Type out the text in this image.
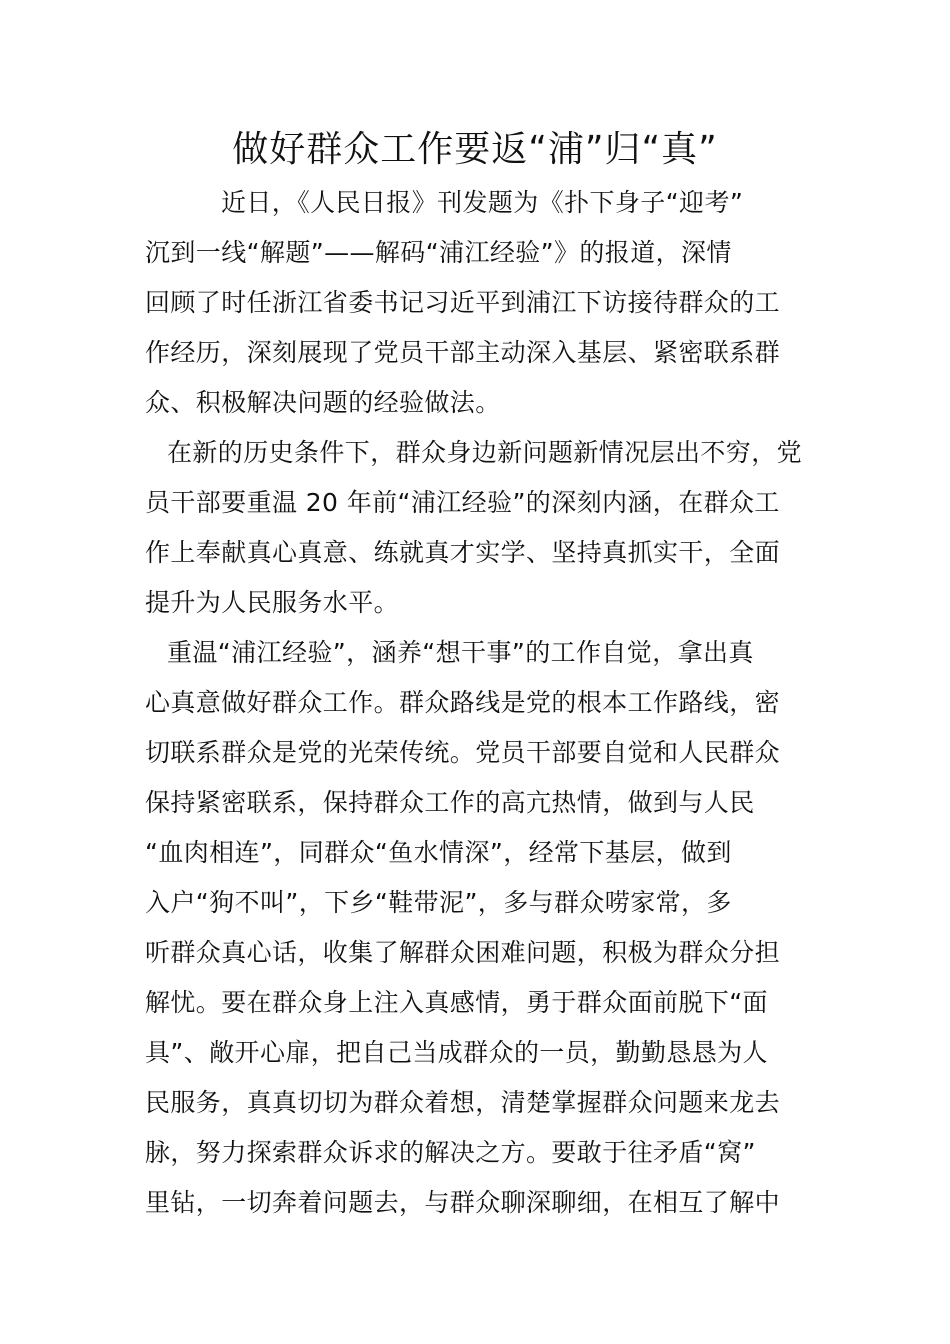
做好群众工作要返“浦”归“真”
近日，《人民日报》刊发题为《扑下身子“迎考”
沉到一线“解题”——解码“浦江经验”》的报道，深情
回顾了时任浙江省委书记习近平到浦江下访接待群众的工
作经历，深刻展现了党员干部主动深入基层、紧密联系群
众、积极解决问题的经验做法。
在新的历史条件下，群众身边新问题新情况层出不穷，党
员干部要重温 20 年前“浦江经验”的深刻内涵，在群众工
作上奉献真心真意、练就真才实学、坚持真抓实干，全面
提升为人民服务水平。
重温“浦江经验”，涵养“想干事”的工作自觉，拿出真
心真意做好群众工作。群众路线是党的根本工作路线，密
切联系群众是党的光荣传统。党员干部要自觉和人民群众
保持紧密联系，保持群众工作的高亢热情，做到与人民
“血肉相连”，同群众“鱼水情深”，经常下基层，做到
入户“狗不叫”，下乡“鞋带泥”，多与群众唠家常，多
听群众真心话，收集了解群众困难问题，积极为群众分担
解忧。要在群众身上注入真感情，勇于群众面前脱下“面
具”、敞开心扉，把自己当成群众的一员，勤勤恳恳为人
民服务，真真切切为群众着想，清楚掌握群众问题来龙去
脉，努力探索群众诉求的解决之方。要敢于往矛盾“窝”
里钻，一切奔着问题去，与群众聊深聊细，在相互了解中
